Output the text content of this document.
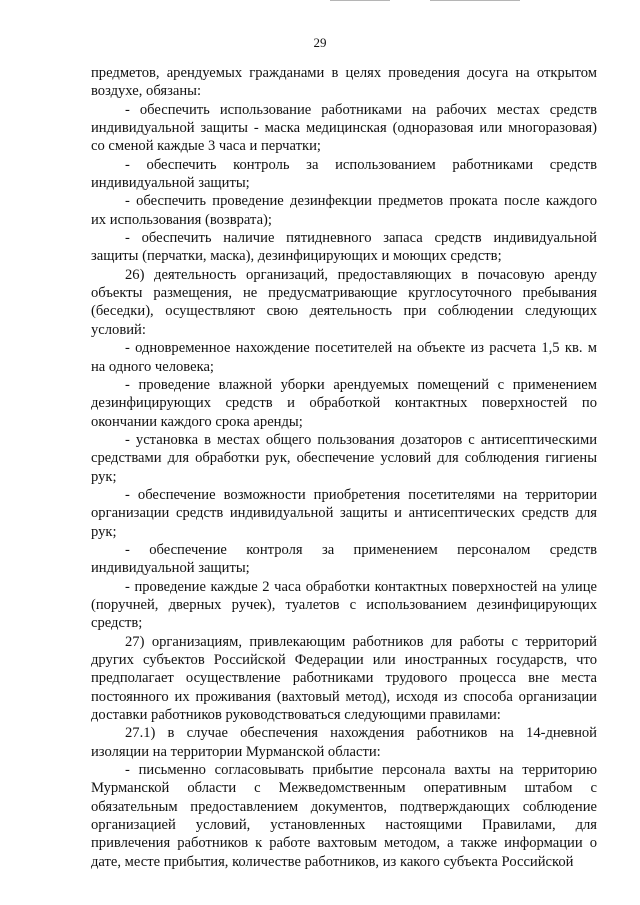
29

предметов, арендуемых гражданами в целях проведения досуга на открытом воздухе, обязаны:

- обеспечить использование работниками на рабочих местах средств индивидуальной защиты - маска медицинская (одноразовая или многоразовая) со сменой каждые 3 часа и перчатки;

- обеспечить контроль за использованием работниками средств индивидуальной защиты;

- обеспечить проведение дезинфекции предметов проката после каждого их использования (возврата);

- обеспечить наличие пятидневного запаса средств индивидуальной защиты (перчатки, маска), дезинфицирующих и моющих средств;

26) деятельность организаций, предоставляющих в почасовую аренду объекты размещения, не предусматривающие круглосуточного пребывания (беседки), осуществляют свою деятельность при соблюдении следующих условий:

- одновременное нахождение посетителей на объекте из расчета 1,5 кв. м на одного человека;

- проведение влажной уборки арендуемых помещений с применением дезинфицирующих средств и обработкой контактных поверхностей по окончании каждого срока аренды;

- установка в местах общего пользования дозаторов с антисептическими средствами для обработки рук, обеспечение условий для соблюдения гигиены рук;

- обеспечение возможности приобретения посетителями на территории организации средств индивидуальной защиты и антисептических средств для рук;

- обеспечение контроля за применением персоналом средств индивидуальной защиты;

- проведение каждые 2 часа обработки контактных поверхностей на улице (поручней, дверных ручек), туалетов с использованием дезинфицирующих средств;

27) организациям, привлекающим работников для работы с территорий других субъектов Российской Федерации или иностранных государств, что предполагает осуществление работниками трудового процесса вне места постоянного их проживания (вахтовый метод), исходя из способа организации доставки работников руководствоваться следующими правилами:

27.1) в случае обеспечения нахождения работников на 14-дневной изоляции на территории Мурманской области:

- письменно согласовывать прибытие персонала вахты на территорию Мурманской области с Межведомственным оперативным штабом с обязательным предоставлением документов, подтверждающих соблюдение организацией условий, установленных настоящими Правилами, для привлечения работников к работе вахтовым методом, а также информации о дате, месте прибытия, количестве работников, из какого субъекта Российской
